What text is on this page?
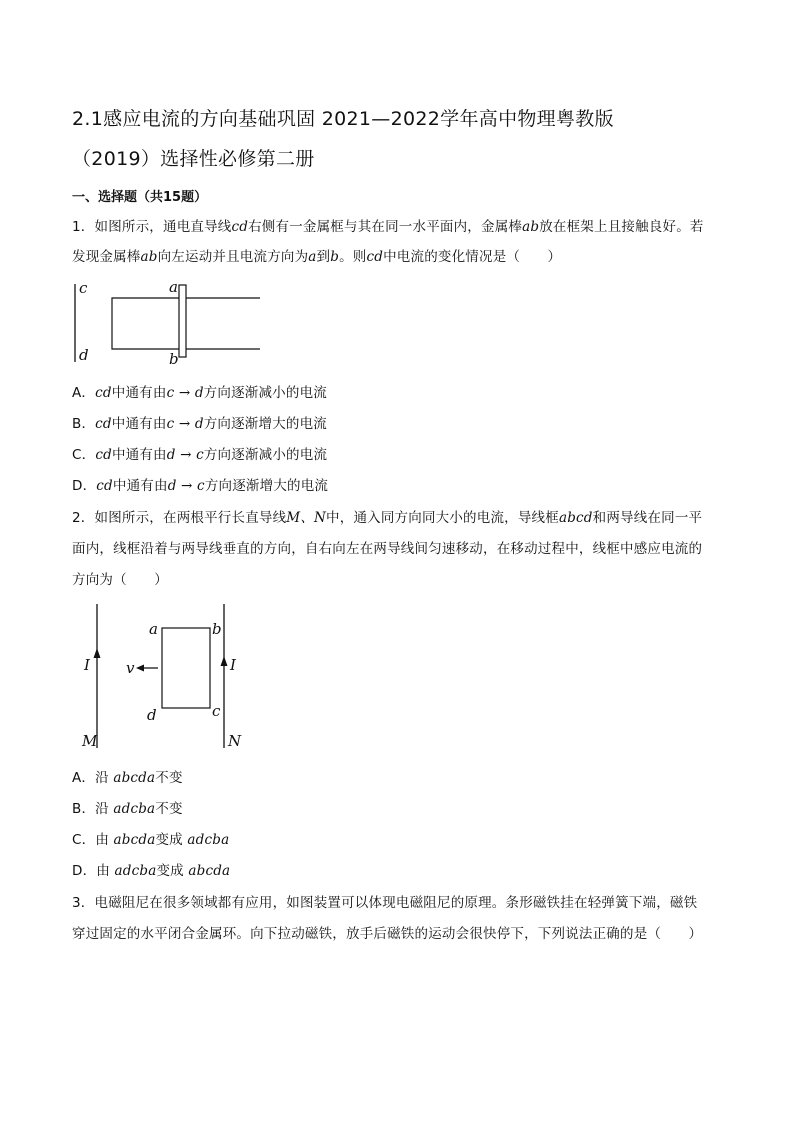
2.1感应电流的方向基础巩固 2021—2022学年高中物理粤教版
（2019）选择性必修第二册
一、选择题（共15题）
1．如图所示，通电直导线cd右侧有一金属框与其在同一水平面内，金属棒ab放在框架上且接触良好。若
发现金属棒ab向左运动并且电流方向为a到b。则cd中电流的变化情况是（　　）
c
d
a
b
A．cd中通有由c → d方向逐渐减小的电流
B．cd中通有由c → d方向逐渐增大的电流
C．cd中通有由d → c方向逐渐减小的电流
D．cd中通有由d → c方向逐渐增大的电流
2．如图所示，在两根平行长直导线M、N中，通入同方向同大小的电流，导线框abcd和两导线在同一平
面内，线框沿着与两导线垂直的方向，自右向左在两导线间匀速移动，在移动过程中，线框中感应电流的
方向为（　　）
I
M
I
N
a	b
c
d
v
A．沿 abcda不变
B．沿 adcba不变
C．由 abcda变成 adcba
D．由 adcba变成 abcda
3．电磁阻尼在很多领域都有应用，如图装置可以体现电磁阻尼的原理。条形磁铁挂在轻弹簧下端，磁铁
穿过固定的水平闭合金属环。向下拉动磁铁，放手后磁铁的运动会很快停下，下列说法正确的是（　　）
